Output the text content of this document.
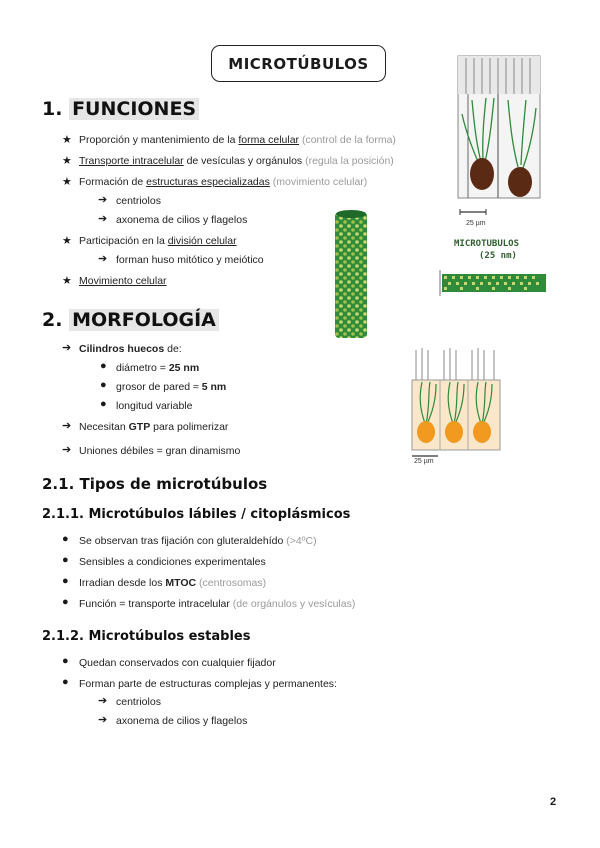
MICROTÚBULOS
1. FUNCIONES
★ Proporción y mantenimiento de la forma celular (control de la forma)
★ Transporte intracelular de vesículas y orgánulos (regula la posición)
★ Formación de estructuras especializadas (movimiento celular)
➔ centriolos
➔ axonema de cilios y flagelos
★ Participación en la división celular
➔ forman huso mitótico y meiótico
★ Movimiento celular
2. MORFOLOGÍA
➔ Cilindros huecos de:
● diámetro = 25 nm
● grosor de pared ≈ 5 nm
● longitud variable
➔ Necesitan GTP para polimerizar
➔ Uniones débiles = gran dinamismo
2.1. Tipos de microtúbulos
2.1.1. Microtúbulos lábiles / citoplásmicos
● Se observan tras fijación con gluteraldehído (>4ºC)
● Sensibles a condiciones experimentales
● Irradian desde los MTOC (centrosomas)
● Función = transporte intracelular (de orgánulos y vesículas)
2.1.2. Microtúbulos estables
● Quedan conservados con cualquier fijador
● Forman parte de estructuras complejas y permanentes:
➔ centriolos
➔ axonema de cilios y flagelos
2
25 µm
MICROTUBULOS
(25 nm)
25 µm
